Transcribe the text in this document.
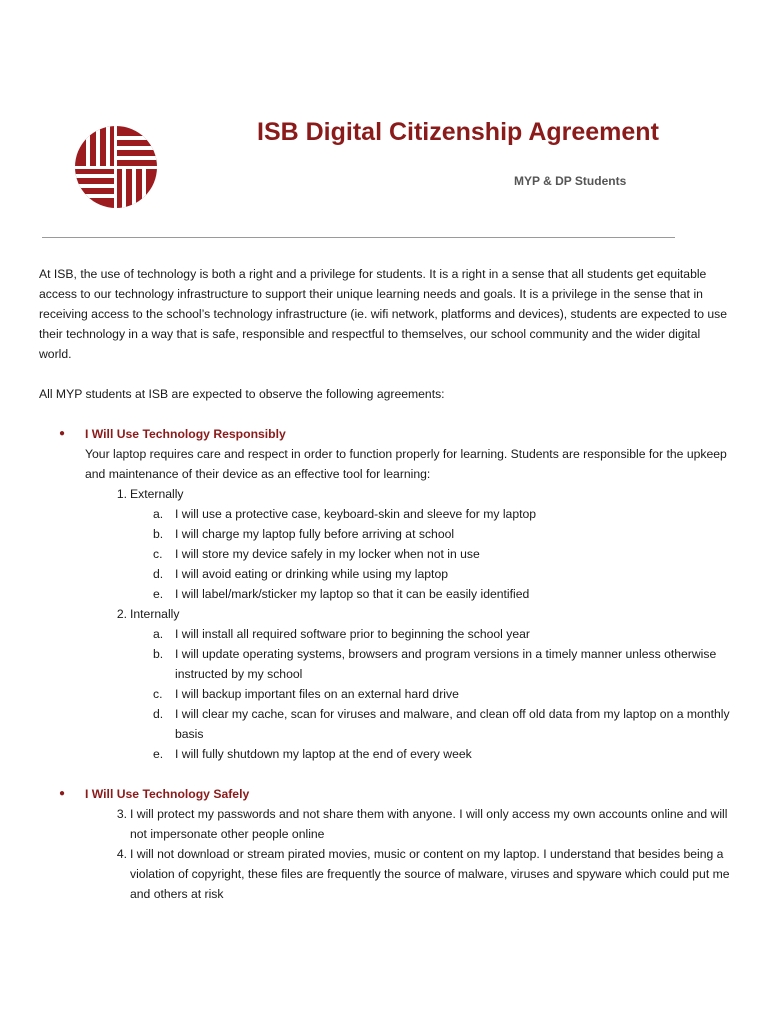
ISB Digital Citizenship Agreement
MYP & DP Students

At ISB, the use of technology is both a right and a privilege for students. It is a right in a sense that all students get equitable access to our technology infrastructure to support their unique learning needs and goals. It is a privilege in the sense that in receiving access to the school’s technology infrastructure (ie. wifi network, platforms and devices), students are expected to use their technology in a way that is safe, responsible and respectful to themselves, our school community and the wider digital world.

All MYP students at ISB are expected to observe the following agreements:

● I Will Use Technology Responsibly
Your laptop requires care and respect in order to function properly for learning. Students are responsible for the upkeep and maintenance of their device as an effective tool for learning:
1. Externally
a. I will use a protective case, keyboard-skin and sleeve for my laptop
b. I will charge my laptop fully before arriving at school
c. I will store my device safely in my locker when not in use
d. I will avoid eating or drinking while using my laptop
e. I will label/mark/sticker my laptop so that it can be easily identified
2. Internally
a. I will install all required software prior to beginning the school year
b. I will update operating systems, browsers and program versions in a timely manner unless otherwise instructed by my school
c. I will backup important files on an external hard drive
d. I will clear my cache, scan for viruses and malware, and clean off old data from my laptop on a monthly basis
e. I will fully shutdown my laptop at the end of every week
● I Will Use Technology Safely
3. I will protect my passwords and not share them with anyone. I will only access my own accounts online and will not impersonate other people online
4. I will not download or stream pirated movies, music or content on my laptop. I understand that besides being a violation of copyright, these files are frequently the source of malware, viruses and spyware which could put me and others at risk
